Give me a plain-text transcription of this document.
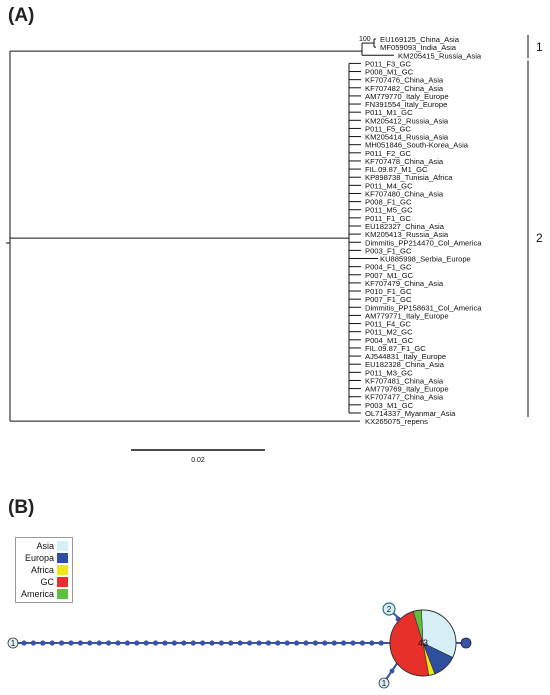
(A)
(B)
EU169125_China_Asia
MF059093_India_Asia
KM205415_Russia_Asia
P011_F3_GC
P008_M1_GC
KF707476_China_Asia
KF707482_China_Asia
AM779770_Italy_Europe
FN391554_Italy_Europe
P011_M1_GC
KM205412_Russia_Asia
P011_F5_GC
KM205414_Russia_Asia
MH051846_South-Korea_Asia
P011_F2_GC
KF707478_China_Asia
FIL.09.87_M1_GC
KP898738_Tunisia_Africa
P011_M4_GC
KF707480_China_Asia
P008_F1_GC
P011_M5_GC
P011_F1_GC
EU182327_China_Asia
KM205413_Russia_Asia
Dimmitis_PP214470_Col_America
P003_F1_GC
KU885998_Serbia_Europe
P004_F1_GC
P007_M1_GC
KF707479_China_Asia
P010_F1_GC
P007_F1_GC
Dimmitis_PP158631_Col_America
AM779771_Italy_Europe
P011_F4_GC
P011_M2_GC
P004_M1_GC
FIL.09.87_F1_GC
AJ544831_Italy_Europe
EU182328_China_Asia
P011_M3_GC
KF707481_China_Asia
AM779769_Italy_Europe
KF707477_China_Asia
P003_M1_GC
OL714337_Myanmar_Asia
KX265075_repens
100
1
2
0.02
Asia
Europa
Africa
GC
America
1	43
2
1
